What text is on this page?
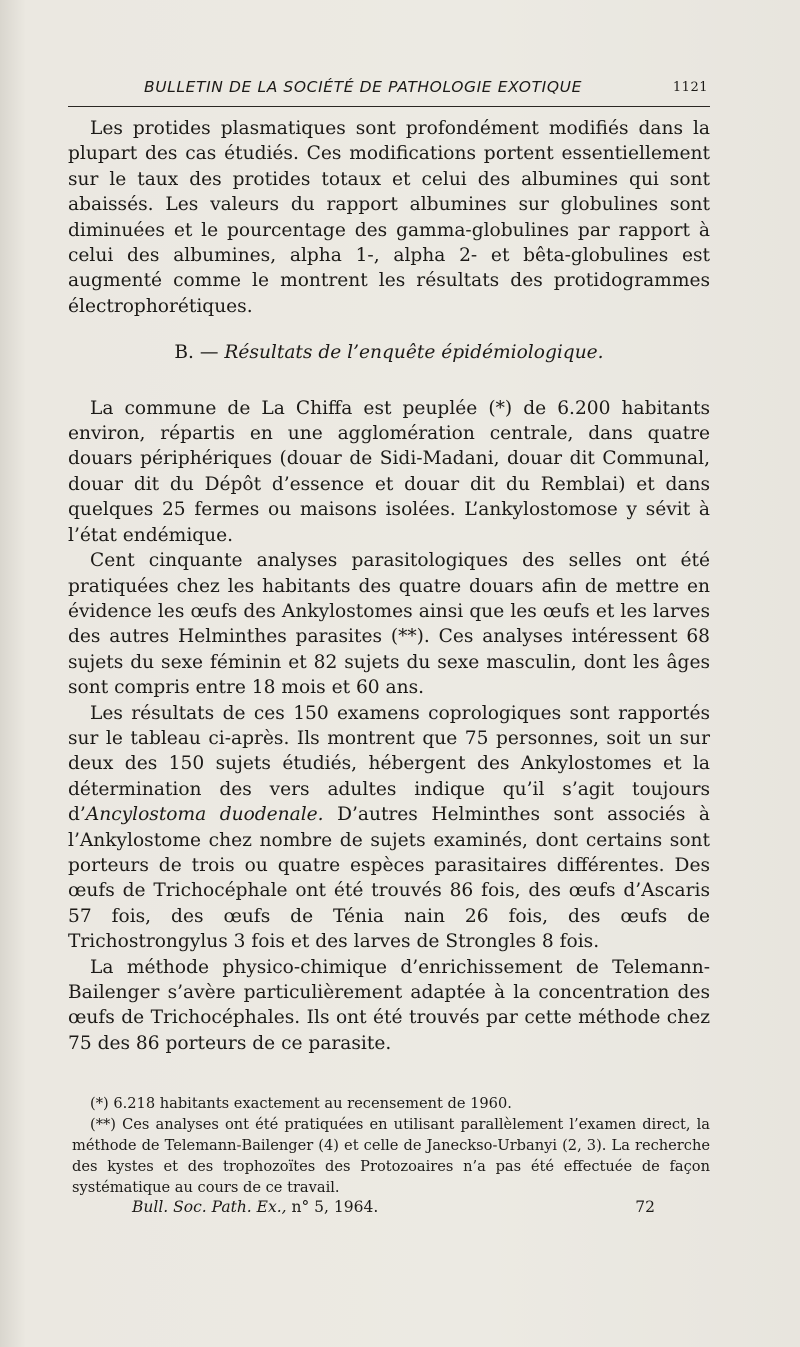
BULLETIN DE LA SOCIÉTÉ DE PATHOLOGIE EXOTIQUE	1121

Les protides plasmatiques sont profondément modifiés dans la plupart des cas étudiés. Ces modifications portent essentiellement sur le taux des protides totaux et celui des albumines qui sont abaissés. Les valeurs du rapport albumines sur globulines sont diminuées et le pourcentage des gamma-globulines par rapport à celui des albumines, alpha 1-, alpha 2- et bêta-globulines est augmenté comme le montrent les résultats des protidogrammes électrophorétiques.

B. — Résultats de l’enquête épidémiologique.

La commune de La Chiffa est peuplée (*) de 6.200 habitants environ, répartis en une agglomération centrale, dans quatre douars périphériques (douar de Sidi-Madani, douar dit Communal, douar dit du Dépôt d’essence et douar dit du Remblai) et dans quelques 25 fermes ou maisons isolées. L’ankylostomose y sévit à l’état endémique.

Cent cinquante analyses parasitologiques des selles ont été pratiquées chez les habitants des quatre douars afin de mettre en évidence les œufs des Ankylostomes ainsi que les œufs et les larves des autres Helminthes parasites (**). Ces analyses intéressent 68 sujets du sexe féminin et 82 sujets du sexe masculin, dont les âges sont compris entre 18 mois et 60 ans.

Les résultats de ces 150 examens coprologiques sont rapportés sur le tableau ci-après. Ils montrent que 75 personnes, soit un sur deux des 150 sujets étudiés, hébergent des Ankylostomes et la détermination des vers adultes indique qu’il s’agit toujours d’Ancylostoma duodenale. D’autres Helminthes sont associés à l’Ankylostome chez nombre de sujets examinés, dont certains sont porteurs de trois ou quatre espèces parasitaires différentes. Des œufs de Trichocéphale ont été trouvés 86 fois, des œufs d’Ascaris 57 fois, des œufs de Ténia nain 26 fois, des œufs de Trichostrongylus 3 fois et des larves de Strongles 8 fois.

La méthode physico-chimique d’enrichissement de Telemann-Bailenger s’avère particulièrement adaptée à la concentration des œufs de Trichocéphales. Ils ont été trouvés par cette méthode chez 75 des 86 porteurs de ce parasite.

(*) 6.218 habitants exactement au recensement de 1960.

(**) Ces analyses ont été pratiquées en utilisant parallèlement l’examen direct, la méthode de Telemann-Bailenger (4) et celle de Janeckso-Urbanyi (2, 3). La recherche des kystes et des trophozoïtes des Protozoaires n’a pas été effectuée de façon systématique au cours de ce travail.

Bull. Soc. Path. Ex., n° 5, 1964.	72
